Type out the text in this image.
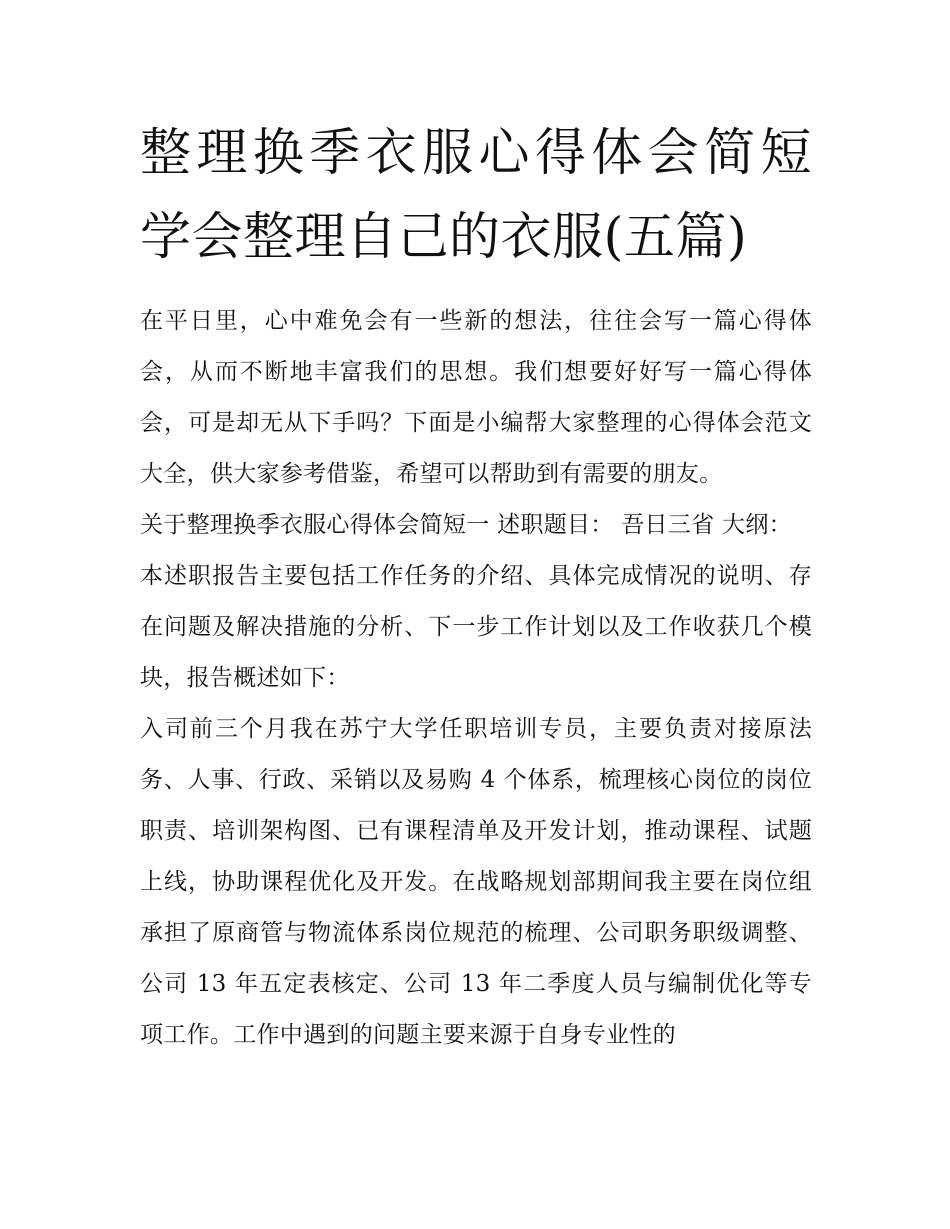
整理换季衣服心得体会简短 学会整理自己的衣服(五篇)

在平日里，心中难免会有一些新的想法，往往会写一篇心得体会，从而不断地丰富我们的思想。我们想要好好写一篇心得体会，可是却无从下手吗？下面是小编帮大家整理的心得体会范文大全，供大家参考借鉴，希望可以帮助到有需要的朋友。

关于整理换季衣服心得体会简短一 述职题目： 吾日三省 大纲：

本述职报告主要包括工作任务的介绍、具体完成情况的说明、存在问题及解决措施的分析、下一步工作计划以及工作收获几个模块，报告概述如下：

入司前三个月我在苏宁大学任职培训专员，主要负责对接原法务、人事、行政、采销以及易购 4 个体系，梳理核心岗位的岗位职责、培训架构图、已有课程清单及开发计划，推动课程、试题上线，协助课程优化及开发。在战略规划部期间我主要在岗位组承担了原商管与物流体系岗位规范的梳理、公司职务职级调整、公司 13 年五定表核定、公司 13 年二季度人员与编制优化等专项工作。工作中遇到的问题主要来源于自身专业性的
